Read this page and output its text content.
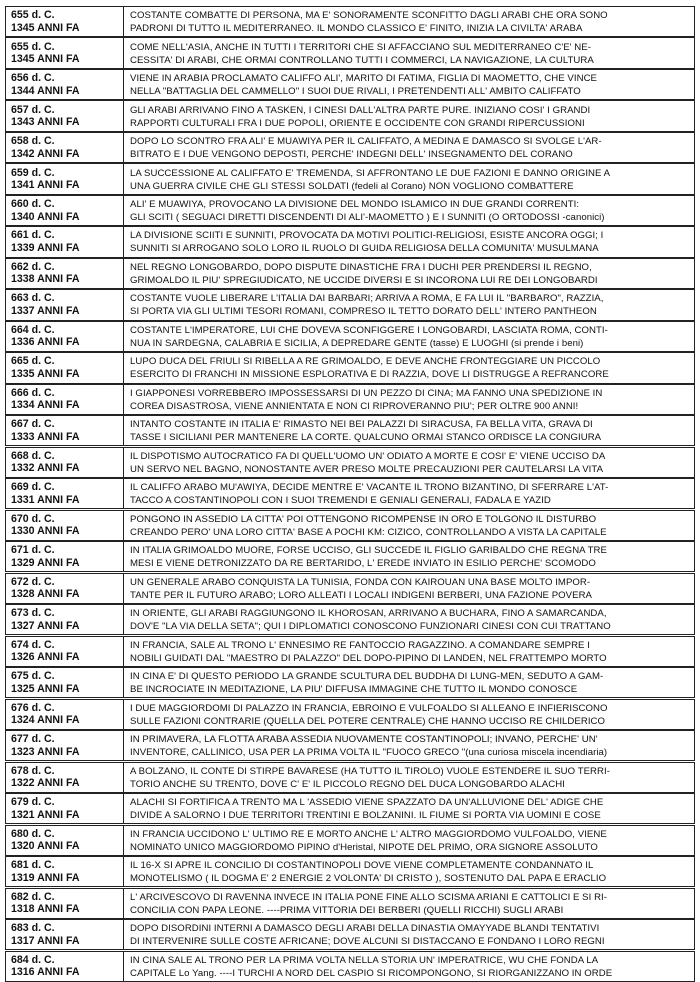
655 d. C.
1345 ANNI FA
COSTANTE COMBATTE DI PERSONA, MA E' SONORAMENTE SCONFITTO DAGLI ARABI CHE ORA SONO
PADRONI DI TUTTO IL MEDITERRANEO. IL MONDO CLASSICO E' FINITO, INIZIA LA CIVILTA' ARABA
655 d. C.
1345 ANNI FA
COME NELL'ASIA, ANCHE IN TUTTI I TERRITORI CHE SI AFFACCIANO SUL MEDITERRANEO C'E' NE-
CESSITA' DI ARABI, CHE ORMAI CONTROLLANO TUTTI I COMMERCI, LA NAVIGAZIONE, LA CULTURA
656 d. C.
1344 ANNI FA
VIENE IN ARABIA PROCLAMATO CALIFFO ALI', MARITO DI FATIMA, FIGLIA DI MAOMETTO, CHE VINCE
NELLA "BATTAGLIA DEL CAMMELLO" I SUOI DUE RIVALI, I PRETENDENTI ALL' AMBITO CALIFFATO
657 d. C.
1343 ANNI FA
GLI ARABI ARRIVANO FINO A TASKEN, I CINESI DALL'ALTRA PARTE PURE. INIZIANO COSI' I GRANDI
RAPPORTI CULTURALI FRA I DUE POPOLI, ORIENTE E OCCIDENTE CON GRANDI RIPERCUSSIONI
658 d. C.
1342 ANNI FA
DOPO LO SCONTRO FRA ALI' E MUAWIYA PER IL CALIFFATO, A MEDINA E DAMASCO SI SVOLGE L'AR-
BITRATO E I DUE VENGONO DEPOSTI, PERCHE' INDEGNI DELL' INSEGNAMENTO DEL CORANO
659 d. C.
1341 ANNI FA
LA SUCCESSIONE AL CALIFFATO E' TREMENDA, SI AFFRONTANO LE DUE FAZIONI E DANNO ORIGINE A
UNA GUERRA CIVILE CHE GLI STESSI SOLDATI (fedeli al Corano) NON VOGLIONO COMBATTERE
660 d. C.
1340 ANNI FA
ALI' E MUAWIYA, PROVOCANO LA DIVISIONE DEL MONDO ISLAMICO IN DUE GRANDI CORRENTI:
GLI SCITI ( SEGUACI DIRETTI DISCENDENTI DI ALI'-MAOMETTO ) E I SUNNITI (O ORTODOSSI -canonici)
661 d. C.
1339 ANNI FA
LA DIVISIONE SCIITI E SUNNITI, PROVOCATA DA MOTIVI POLITICI-RELIGIOSI, ESISTE ANCORA OGGI; I
SUNNITI SI ARROGANO SOLO LORO IL RUOLO DI GUIDA RELIGIOSA DELLA COMUNITA' MUSULMANA
662 d. C.
1338 ANNI FA
NEL REGNO LONGOBARDO, DOPO DISPUTE DINASTICHE FRA I DUCHI PER PRENDERSI IL REGNO,
GRIMOALDO IL PIU' SPREGIUDICATO, NE UCCIDE DIVERSI E SI INCORONA LUI RE DEI LONGOBARDI
663 d. C.
1337 ANNI FA
COSTANTE VUOLE LIBERARE L'ITALIA DAI BARBARI; ARRIVA A ROMA, E FA LUI IL "BARBARO", RAZZIA,
SI PORTA VIA GLI ULTIMI TESORI ROMANI, COMPRESO IL TETTO DORATO DELL' INTERO PANTHEON
664 d. C.
1336 ANNI FA
COSTANTE L'IMPERATORE, LUI CHE DOVEVA SCONFIGGERE I LONGOBARDI, LASCIATA ROMA, CONTI-
NUA IN SARDEGNA, CALABRIA E SICILIA, A DEPREDARE GENTE (tasse) E LUOGHI (si prende i beni)
665 d. C.
1335 ANNI FA
LUPO DUCA DEL FRIULI SI RIBELLA A RE GRIMOALDO, E DEVE ANCHE FRONTEGGIARE UN PICCOLO
ESERCITO DI FRANCHI IN MISSIONE ESPLORATIVA E DI RAZZIA, DOVE LI DISTRUGGE A REFRANCORE
666 d. C.
1334 ANNI FA
I GIAPPONESI VORREBBERO IMPOSSESSARSI DI UN PEZZO DI CINA; MA FANNO UNA SPEDIZIONE IN
COREA DISASTROSA, VIENE ANNIENTATA E NON CI RIPROVERANNO PIU'; PER OLTRE 900 ANNI!
667 d. C.
1333 ANNI FA
INTANTO COSTANTE IN ITALIA E' RIMASTO NEI BEI PALAZZI DI SIRACUSA, FA BELLA VITA, GRAVA DI
TASSE I SICILIANI PER MANTENERE LA CORTE. QUALCUNO ORMAI STANCO ORDISCE LA CONGIURA
668 d. C.
1332 ANNI FA
IL DISPOTISMO AUTOCRATICO FA DI QUELL'UOMO UN' ODIATO A MORTE E COSI' E' VIENE UCCISO DA
UN SERVO NEL BAGNO, NONOSTANTE AVER PRESO MOLTE PRECAUZIONI PER CAUTELARSI LA VITA
669 d. C.
1331 ANNI FA
IL CALIFFO ARABO MU'AWIYA, DECIDE MENTRE E' VACANTE IL TRONO BIZANTINO, DI SFERRARE L'AT-
TACCO A COSTANTINOPOLI CON I SUOI TREMENDI E GENIALI GENERALI, FADALA E YAZID
670 d. C.
1330 ANNI FA
PONGONO IN ASSEDIO LA CITTA' POI OTTENGONO RICOMPENSE IN ORO E TOLGONO IL DISTURBO
CREANDO PERO' UNA LORO CITTA' BASE A POCHI KM: CIZICO, CONTROLLANDO A VISTA LA CAPITALE
671 d. C.
1329 ANNI FA
IN ITALIA GRIMOALDO MUORE, FORSE UCCISO, GLI SUCCEDE IL FIGLIO GARIBALDO CHE REGNA TRE
MESI E VIENE DETRONIZZATO DA RE BERTARIDO, L' EREDE INVIATO IN ESILIO PERCHE' SCOMODO
672 d. C.
1328 ANNI FA
UN GENERALE ARABO CONQUISTA LA TUNISIA, FONDA CON KAIROUAN UNA BASE MOLTO IMPOR-
TANTE PER IL FUTURO ARABO; LORO ALLEATI I LOCALI INDIGENI BERBERI, UNA FAZIONE POVERA
673 d. C.
1327 ANNI FA
IN ORIENTE, GLI ARABI RAGGIUNGONO IL KHOROSAN, ARRIVANO A BUCHARA, FINO A SAMARCANDA,
DOV'E "LA VIA DELLA SETA"; QUI I DIPLOMATICI CONOSCONO FUNZIONARI CINESI CON CUI TRATTANO
674 d. C.
1326 ANNI FA
IN FRANCIA, SALE AL TRONO L' ENNESIMO RE FANTOCCIO RAGAZZINO. A COMANDARE SEMPRE I
NOBILI GUIDATI DAL "MAESTRO DI PALAZZO" DEL DOPO-PIPINO DI LANDEN, NEL FRATTEMPO MORTO
675 d. C.
1325 ANNI FA
IN CINA E' DI QUESTO PERIODO LA GRANDE SCULTURA DEL BUDDHA DI LUNG-MEN, SEDUTO A GAM-
BE INCROCIATE IN MEDITAZIONE, LA PIU' DIFFUSA IMMAGINE CHE TUTTO IL MONDO CONOSCE
676 d. C.
1324 ANNI FA
I DUE MAGGIORDOMI DI PALAZZO IN FRANCIA, EBROINO E VULFOALDO SI ALLEANO E INFIERISCONO
SULLE FAZIONI CONTRARIE (QUELLA DEL POTERE CENTRALE) CHE HANNO UCCISO RE CHILDERICO
677 d. C.
1323 ANNI FA
IN PRIMAVERA, LA FLOTTA ARABA ASSEDIA NUOVAMENTE COSTANTINOPOLI; INVANO, PERCHE' UN'
INVENTORE, CALLINICO, USA PER LA PRIMA VOLTA IL "FUOCO GRECO "(una curiosa miscela incendiaria)
678 d. C.
1322 ANNI FA
A BOLZANO, IL CONTE DI STIRPE BAVARESE (HA TUTTO IL TIROLO) VUOLE ESTENDERE IL SUO TERRI-
TORIO ANCHE SU TRENTO, DOVE C' E' IL PICCOLO REGNO DEL DUCA LONGOBARDO ALACHI
679 d. C.
1321 ANNI FA
ALACHI SI FORTIFICA A TRENTO MA L 'ASSEDIO VIENE SPAZZATO DA UN'ALLUVIONE DEL' ADIGE CHE
DIVIDE A SALORNO I DUE TERRITORI TRENTINI E BOLZANINI. IL FIUME SI PORTA VIA UOMINI E COSE
680 d. C.
1320 ANNI FA
IN FRANCIA UCCIDONO L' ULTIMO RE E MORTO ANCHE L' ALTRO MAGGIORDOMO VULFOALDO, VIENE
NOMINATO UNICO MAGGIORDOMO PIPINO d'Heristal, NIPOTE DEL PRIMO, ORA SIGNORE ASSOLUTO
681 d. C.
1319 ANNI FA
IL 16-X SI APRE IL CONCILIO DI COSTANTINOPOLI DOVE VIENE COMPLETAMENTE CONDANNATO IL
MONOTELISMO ( IL DOGMA E' 2 ENERGIE 2 VOLONTA' DI CRISTO ), SOSTENUTO DAL PAPA E ERACLIO
682 d. C.
1318 ANNI FA
L' ARCIVESCOVO DI RAVENNA INVECE IN ITALIA PONE FINE ALLO SCISMA ARIANI E CATTOLICI E SI RI-
CONCILIA CON PAPA LEONE. ----PRIMA VITTORIA DEI BERBERI (QUELLI RICCHI) SUGLI ARABI
683 d. C.
1317 ANNI FA
DOPO DISORDINI INTERNI A DAMASCO DEGLI ARABI DELLA DINASTIA OMAYYADE BLANDI TENTATIVI
DI INTERVENIRE SULLE COSTE AFRICANE; DOVE ALCUNI SI DISTACCANO E FONDANO I LORO REGNI
684 d. C.
1316 ANNI FA
IN CINA SALE AL TRONO PER LA PRIMA VOLTA NELLA STORIA UN' IMPERATRICE, WU CHE FONDA LA
CAPITALE Lo Yang. ----I TURCHI A NORD DEL CASPIO SI RICOMPONGONO, SI RIORGANIZZANO IN ORDE
